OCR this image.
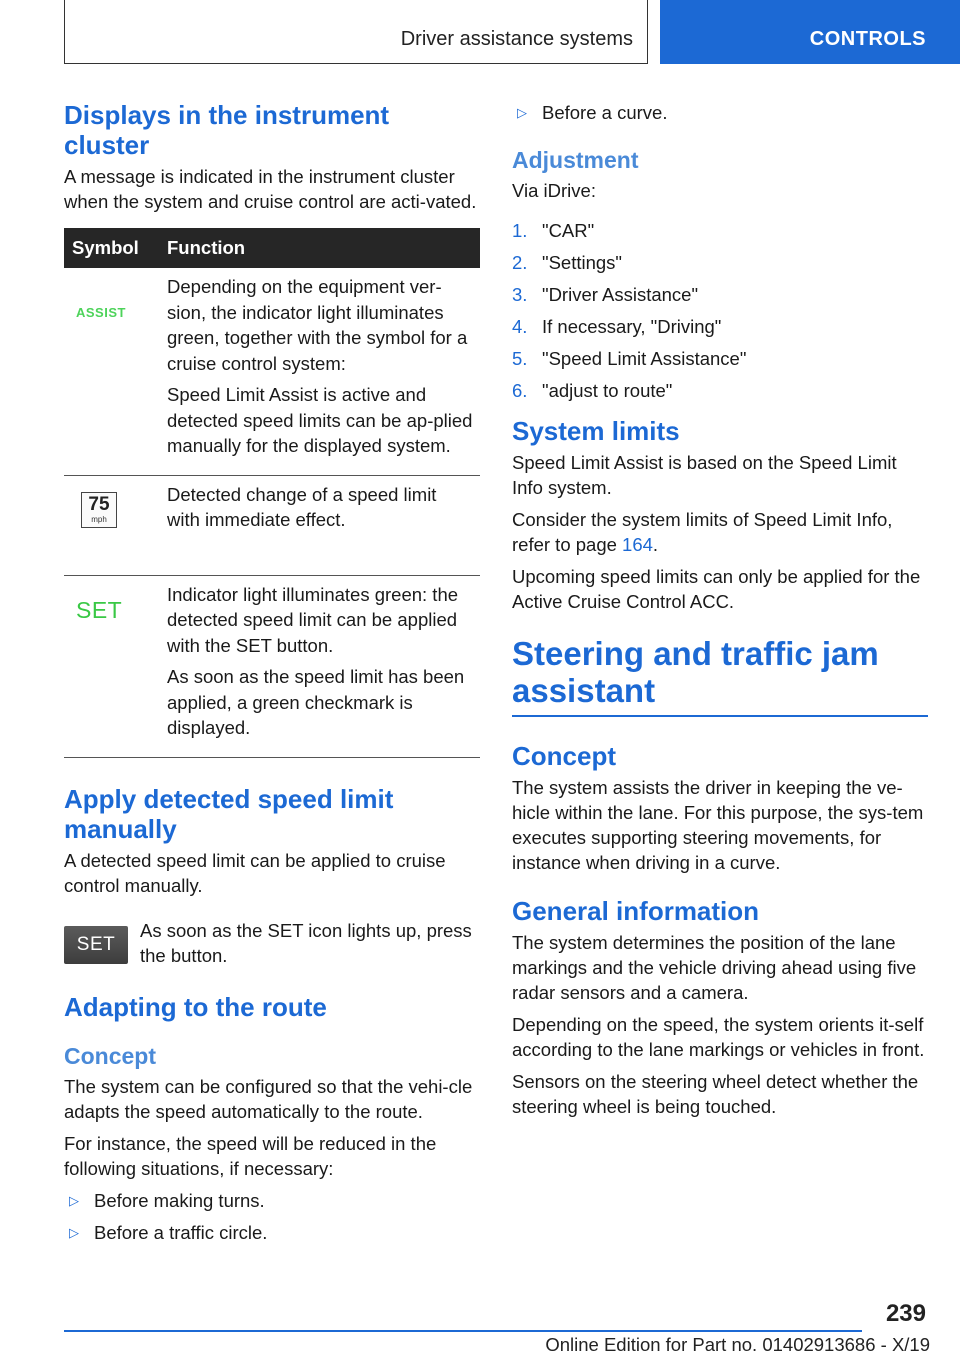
Driver assistance systems	CONTROLS
Displays in the instrument cluster

A message is indicated in the instrument cluster when the system and cruise control are acti-vated.

Symbol	Function

ASSIST	Depending on the equipment ver-sion, the indicator light illuminates green, together with the symbol for a cruise control system:

Speed Limit Assist is active and detected speed limits can be ap-plied manually for the displayed system.

75
mph	Detected change of a speed limit with immediate effect.

SET	Indicator light illuminates green: the detected speed limit can be applied with the SET button.

As soon as the speed limit has been applied, a green checkmark is displayed.

Apply detected speed limit manually

A detected speed limit can be applied to cruise control manually.

SET

As soon as the SET icon lights up, press the button.

Adapting to the route
Concept

The system can be configured so that the vehi-cle adapts the speed automatically to the route.

For instance, the speed will be reduced in the following situations, if necessary:

▷ Before making turns.
▷ Before a traffic circle.
▷ Before a curve.
Adjustment

Via iDrive:

1. "CAR"
2. "Settings"
3. "Driver Assistance"
4. If necessary, "Driving"
5. "Speed Limit Assistance"
6. "adjust to route"
System limits

Speed Limit Assist is based on the Speed Limit Info system.

Consider the system limits of Speed Limit Info, refer to page 164.

Upcoming speed limits can only be applied for the Active Cruise Control ACC.

Steering and traffic jam assistant
Concept

The system assists the driver in keeping the ve-hicle within the lane. For this purpose, the sys-tem executes supporting steering movements, for instance when driving in a curve.

General information

The system determines the position of the lane markings and the vehicle driving ahead using five radar sensors and a camera.

Depending on the speed, the system orients it-self according to the lane markings or vehicles in front.

Sensors on the steering wheel detect whether the steering wheel is being touched.

239
Online Edition for Part no. 01402913686 - X/19
